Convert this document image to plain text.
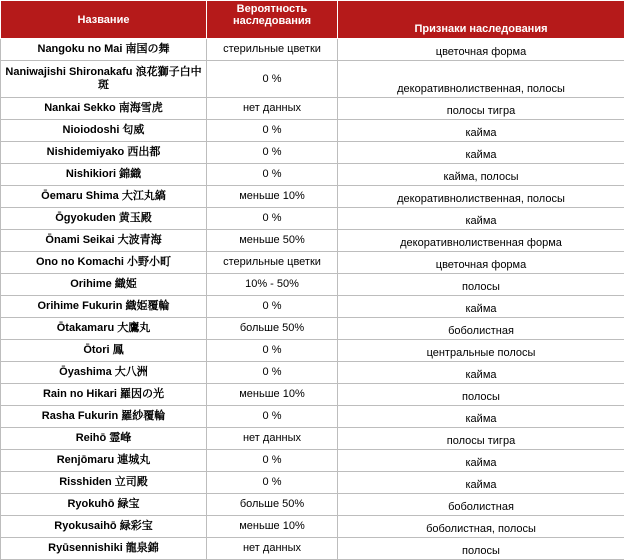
Название	Вероятность наследования	Признаки наследования
Nangoku no Mai 南国の舞	стерильные цветки	цветочная форма
Naniwajishi Shironakafu 浪花獅子白中斑	0 %	декоративнолиственная, полосы
Nankai Sekko 南海雪虎	нет данных	полосы тигра
Nioiodoshi 匂威	0 %	кайма
Nishidemiyako 西出都	0 %	кайма
Nishikiori 錦織	0 %	кайма, полосы
Ōemaru Shima 大江丸縞	меньше 10%	декоративнолиственная, полосы
Ōgyokuden 黄玉殿	0 %	кайма
Ōnami Seikai 大波青海	меньше 50%	декоративнолиственная форма
Ono no Komachi 小野小町	стерильные цветки	цветочная форма
Orihime 織姫	10% - 50%	полосы
Orihime Fukurin 織姫覆輪	0 %	кайма
Ōtakamaru 大鷹丸	больше 50%	боболистная
Ōtori 鳳	0 %	центральные полосы
Ōyashima 大八洲	0 %	кайма
Rain no Hikari 羅因の光	меньше 10%	полосы
Rasha Fukurin 羅紗覆輪	0 %	кайма
Reihō 霊峰	нет данных	полосы тигра
Renjōmaru 連城丸	0 %	кайма
Risshiden 立司殿	0 %	кайма
Ryokuhō 緑宝	больше 50%	боболистная
Ryokusaihō 緑彩宝	меньше 10%	боболистная, полосы
Ryūsennishiki 龍泉錦	нет данных	полосы
